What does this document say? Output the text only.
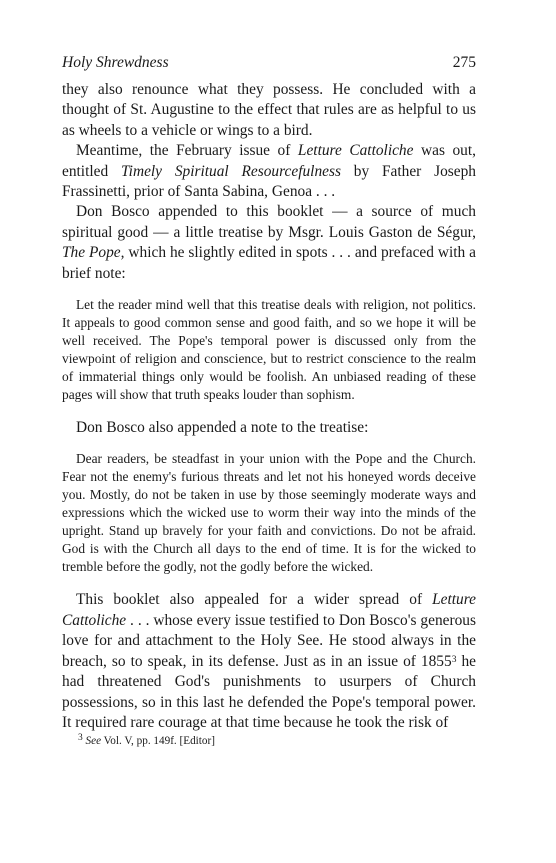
Holy Shrewdness	275

they also renounce what they possess. He concluded with a thought of St. Augustine to the effect that rules are as helpful to us as wheels to a vehicle or wings to a bird.

Meantime, the February issue of Letture Cattoliche was out, entitled Timely Spiritual Resourcefulness by Father Joseph Frassinetti, prior of Santa Sabina, Genoa . . .

Don Bosco appended to this booklet — a source of much spiritual good — a little treatise by Msgr. Louis Gaston de Ségur, The Pope, which he slightly edited in spots . . . and prefaced with a brief note:

Let the reader mind well that this treatise deals with religion, not politics. It appeals to good common sense and good faith, and so we hope it will be well received. The Pope's temporal power is discussed only from the viewpoint of religion and conscience, but to restrict conscience to the realm of immaterial things only would be foolish. An unbiased reading of these pages will show that truth speaks louder than sophism.

Don Bosco also appended a note to the treatise:

Dear readers, be steadfast in your union with the Pope and the Church. Fear not the enemy's furious threats and let not his honeyed words deceive you. Mostly, do not be taken in use by those seemingly moderate ways and expressions which the wicked use to worm their way into the minds of the upright. Stand up bravely for your faith and convictions. Do not be afraid. God is with the Church all days to the end of time. It is for the wicked to tremble before the godly, not the godly before the wicked.

This booklet also appealed for a wider spread of Letture Cattoliche . . . whose every issue testified to Don Bosco's generous love for and attachment to the Holy See. He stood always in the breach, so to speak, in its defense. Just as in an issue of 1855$^3$ he had threatened God's punishments to usurpers of Church possessions, so in this last he defended the Pope's temporal power. It required rare courage at that time because he took the risk of

$^3$ See Vol. V, pp. 149f. [Editor]
